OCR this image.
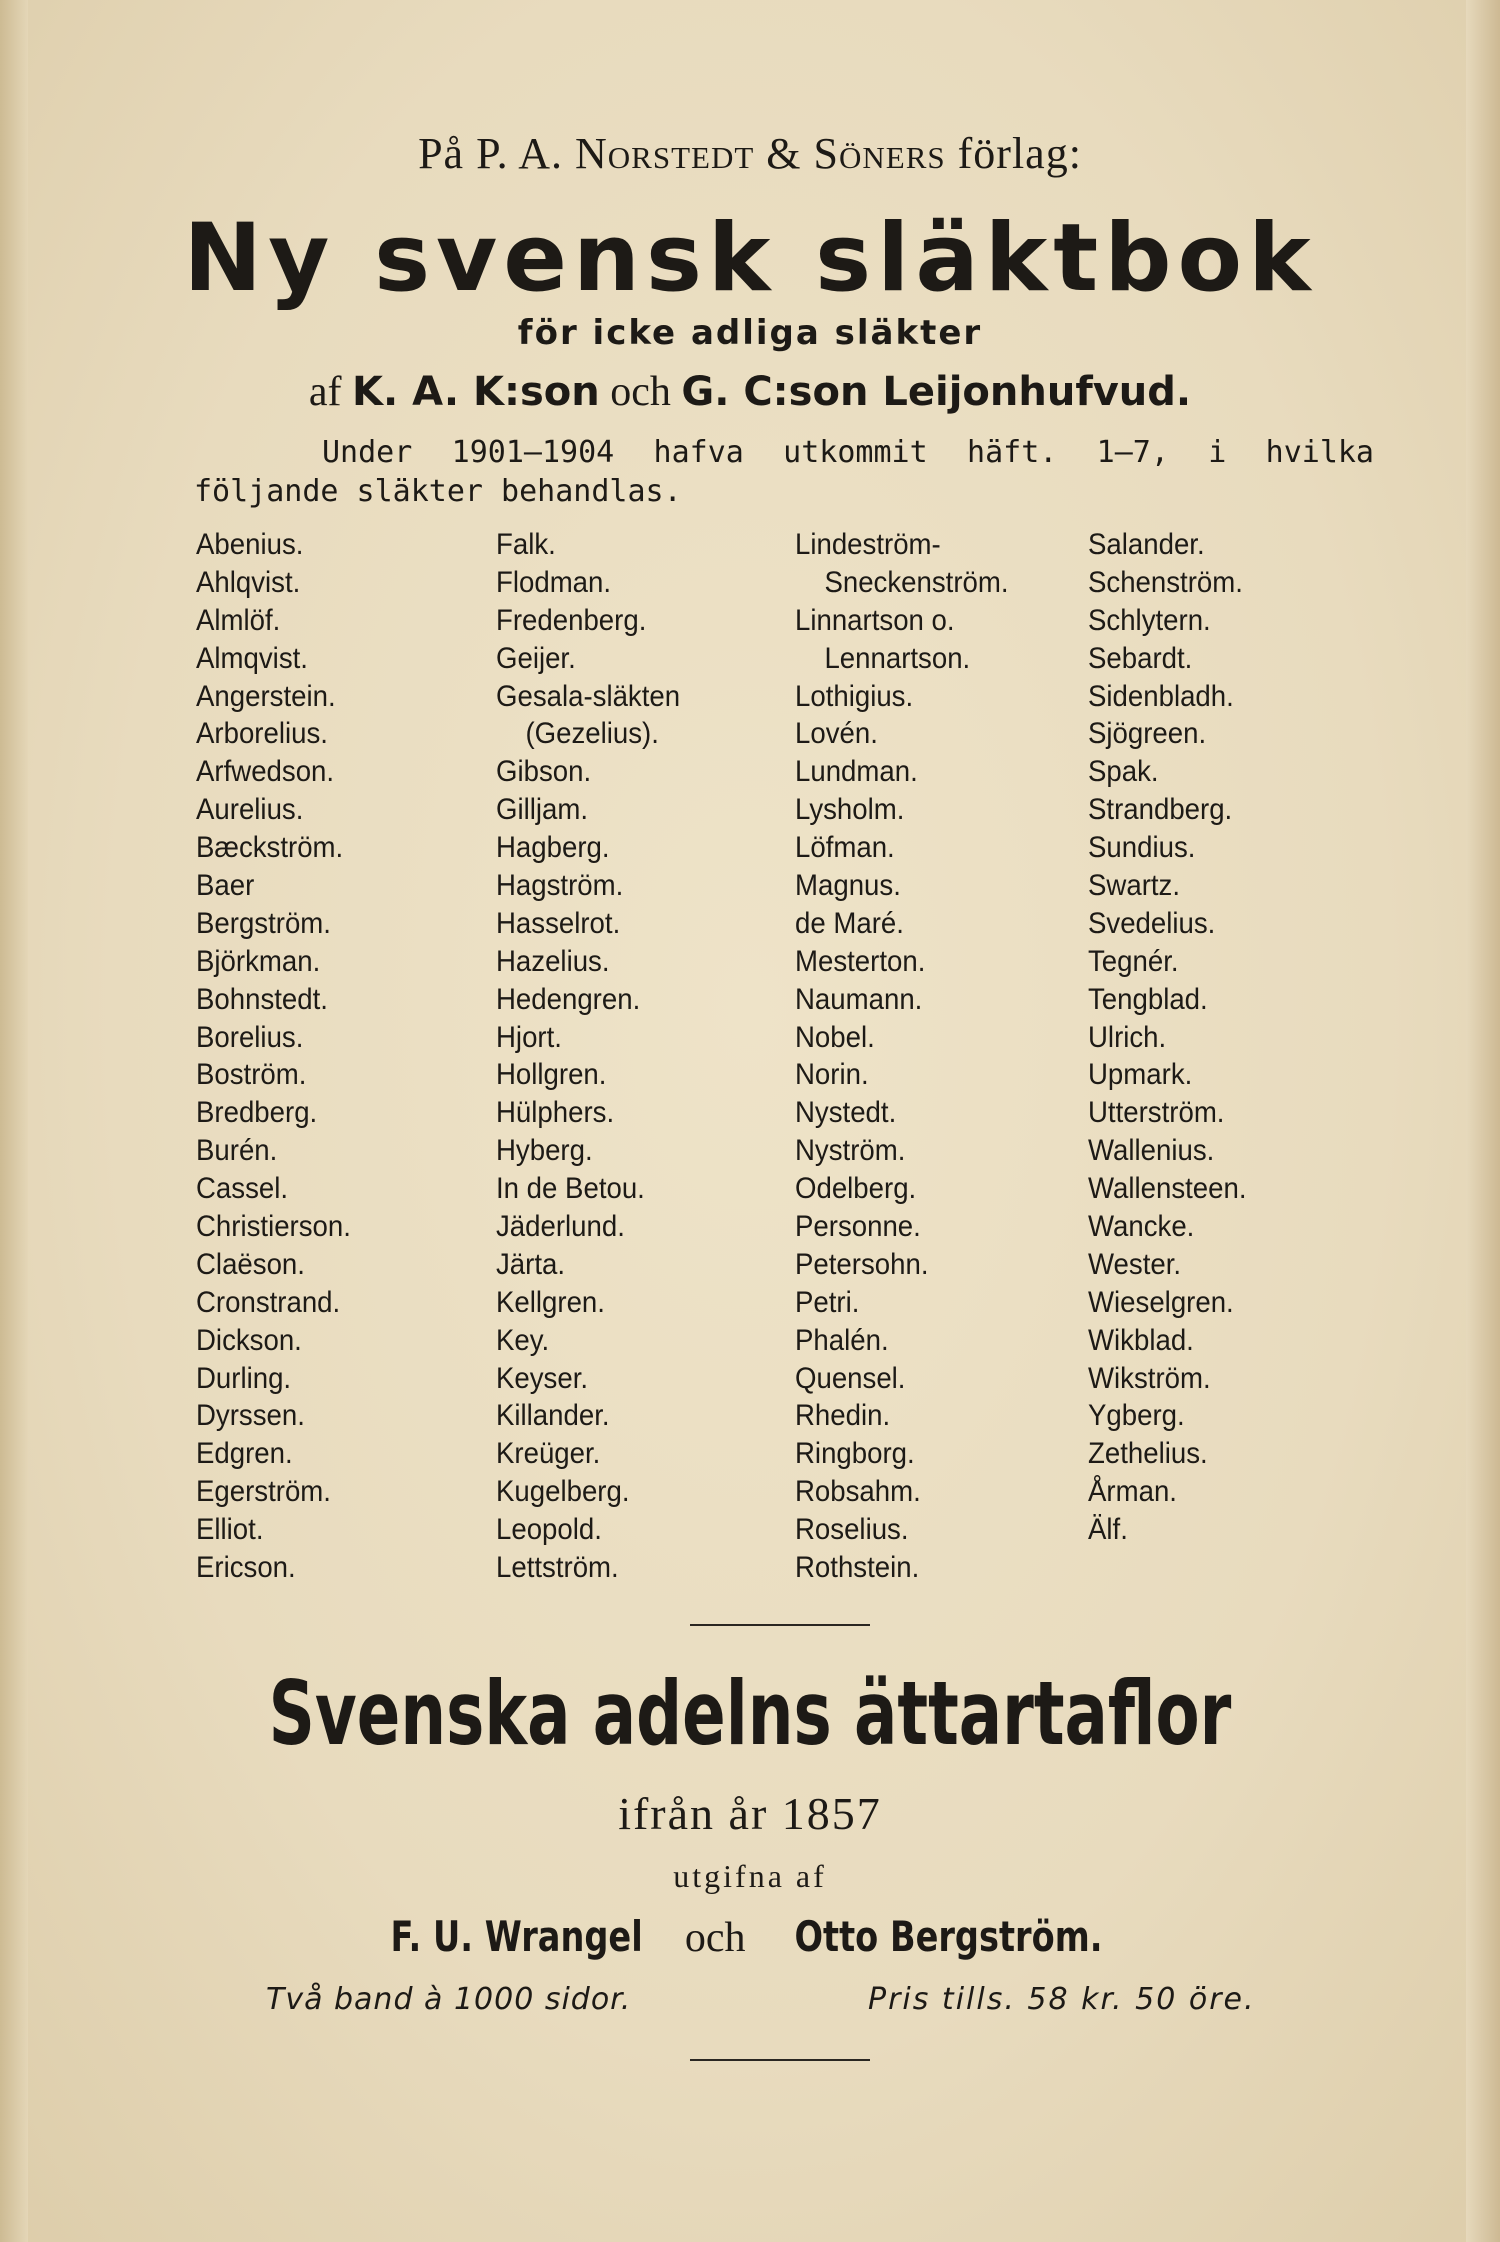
På P. A. Norstedt & Söners förlag:
Ny svensk släktbok
för icke adliga släkter
af K. A. K:son och G. C:son Leijonhufvud.
Under 1901—1904 hafva utkommit häft. 1—7, i hvilka följande släkter behandlas.
Abenius.
Ahlqvist.
Almlöf.
Almqvist.
Angerstein.
Arborelius.
Arfwedson.
Aurelius.
Bæckström.
Baer
Bergström.
Björkman.
Bohnstedt.
Borelius.
Boström.
Bredberg.
Burén.
Cassel.
Christierson.
Claëson.
Cronstrand.
Dickson.
Durling.
Dyrssen.
Edgren.
Egerström.
Elliot.
Ericson.
Falk.
Flodman.
Fredenberg.
Geijer.
Gesala-släkten
(Gezelius).
Gibson.
Gilljam.
Hagberg.
Hagström.
Hasselrot.
Hazelius.
Hedengren.
Hjort.
Hollgren.
Hülphers.
Hyberg.
In de Betou.
Jäderlund.
Järta.
Kellgren.
Key.
Keyser.
Killander.
Kreüger.
Kugelberg.
Leopold.
Lettström.
Lindeström-
Sneckenström.
Linnartson o.
Lennartson.
Lothigius.
Lovén.
Lundman.
Lysholm.
Löfman.
Magnus.
de Maré.
Mesterton.
Naumann.
Nobel.
Norin.
Nystedt.
Nyström.
Odelberg.
Personne.
Petersohn.
Petri.
Phalén.
Quensel.
Rhedin.
Ringborg.
Robsahm.
Roselius.
Rothstein.
Salander.
Schenström.
Schlytern.
Sebardt.
Sidenbladh.
Sjögreen.
Spak.
Strandberg.
Sundius.
Swartz.
Svedelius.
Tegnér.
Tengblad.
Ulrich.
Upmark.
Utterström.
Wallenius.
Wallensteen.
Wancke.
Wester.
Wieselgren.
Wikblad.
Wikström.
Ygberg.
Zethelius.
Årman.
Älf.
Svenska adelns ättartaflor
ifrån år 1857
utgifna af
F. U. Wrangel och Otto Bergström.
Två band à 1000 sidor.	Pris tills. 58 kr. 50 öre.
